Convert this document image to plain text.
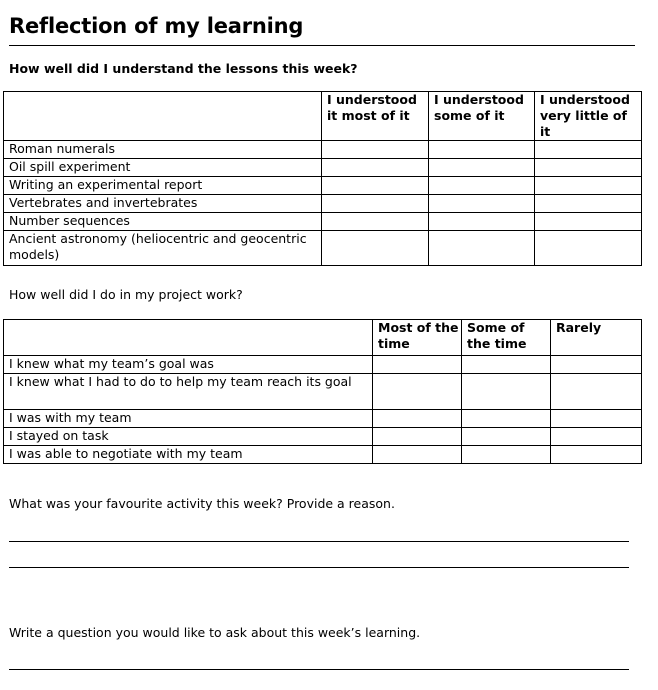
Reflection of my learning
How well did I understand the lessons this week?
	I understood it most of it	I understood some of it	I understood very little of it
Roman numerals			
Oil spill experiment			
Writing an experimental report			
Vertebrates and invertebrates			
Number sequences			
Ancient astronomy (heliocentric and geocentric models)			
How well did I do in my project work?
	Most of the time	Some of the time	Rarely
I knew what my team’s goal was			
I knew what I had to do to help my team reach its goal			
I was with my team			
I stayed on task			
I was able to negotiate with my team			
What was your favourite activity this week? Provide a reason.
Write a question you would like to ask about this week’s learning.
